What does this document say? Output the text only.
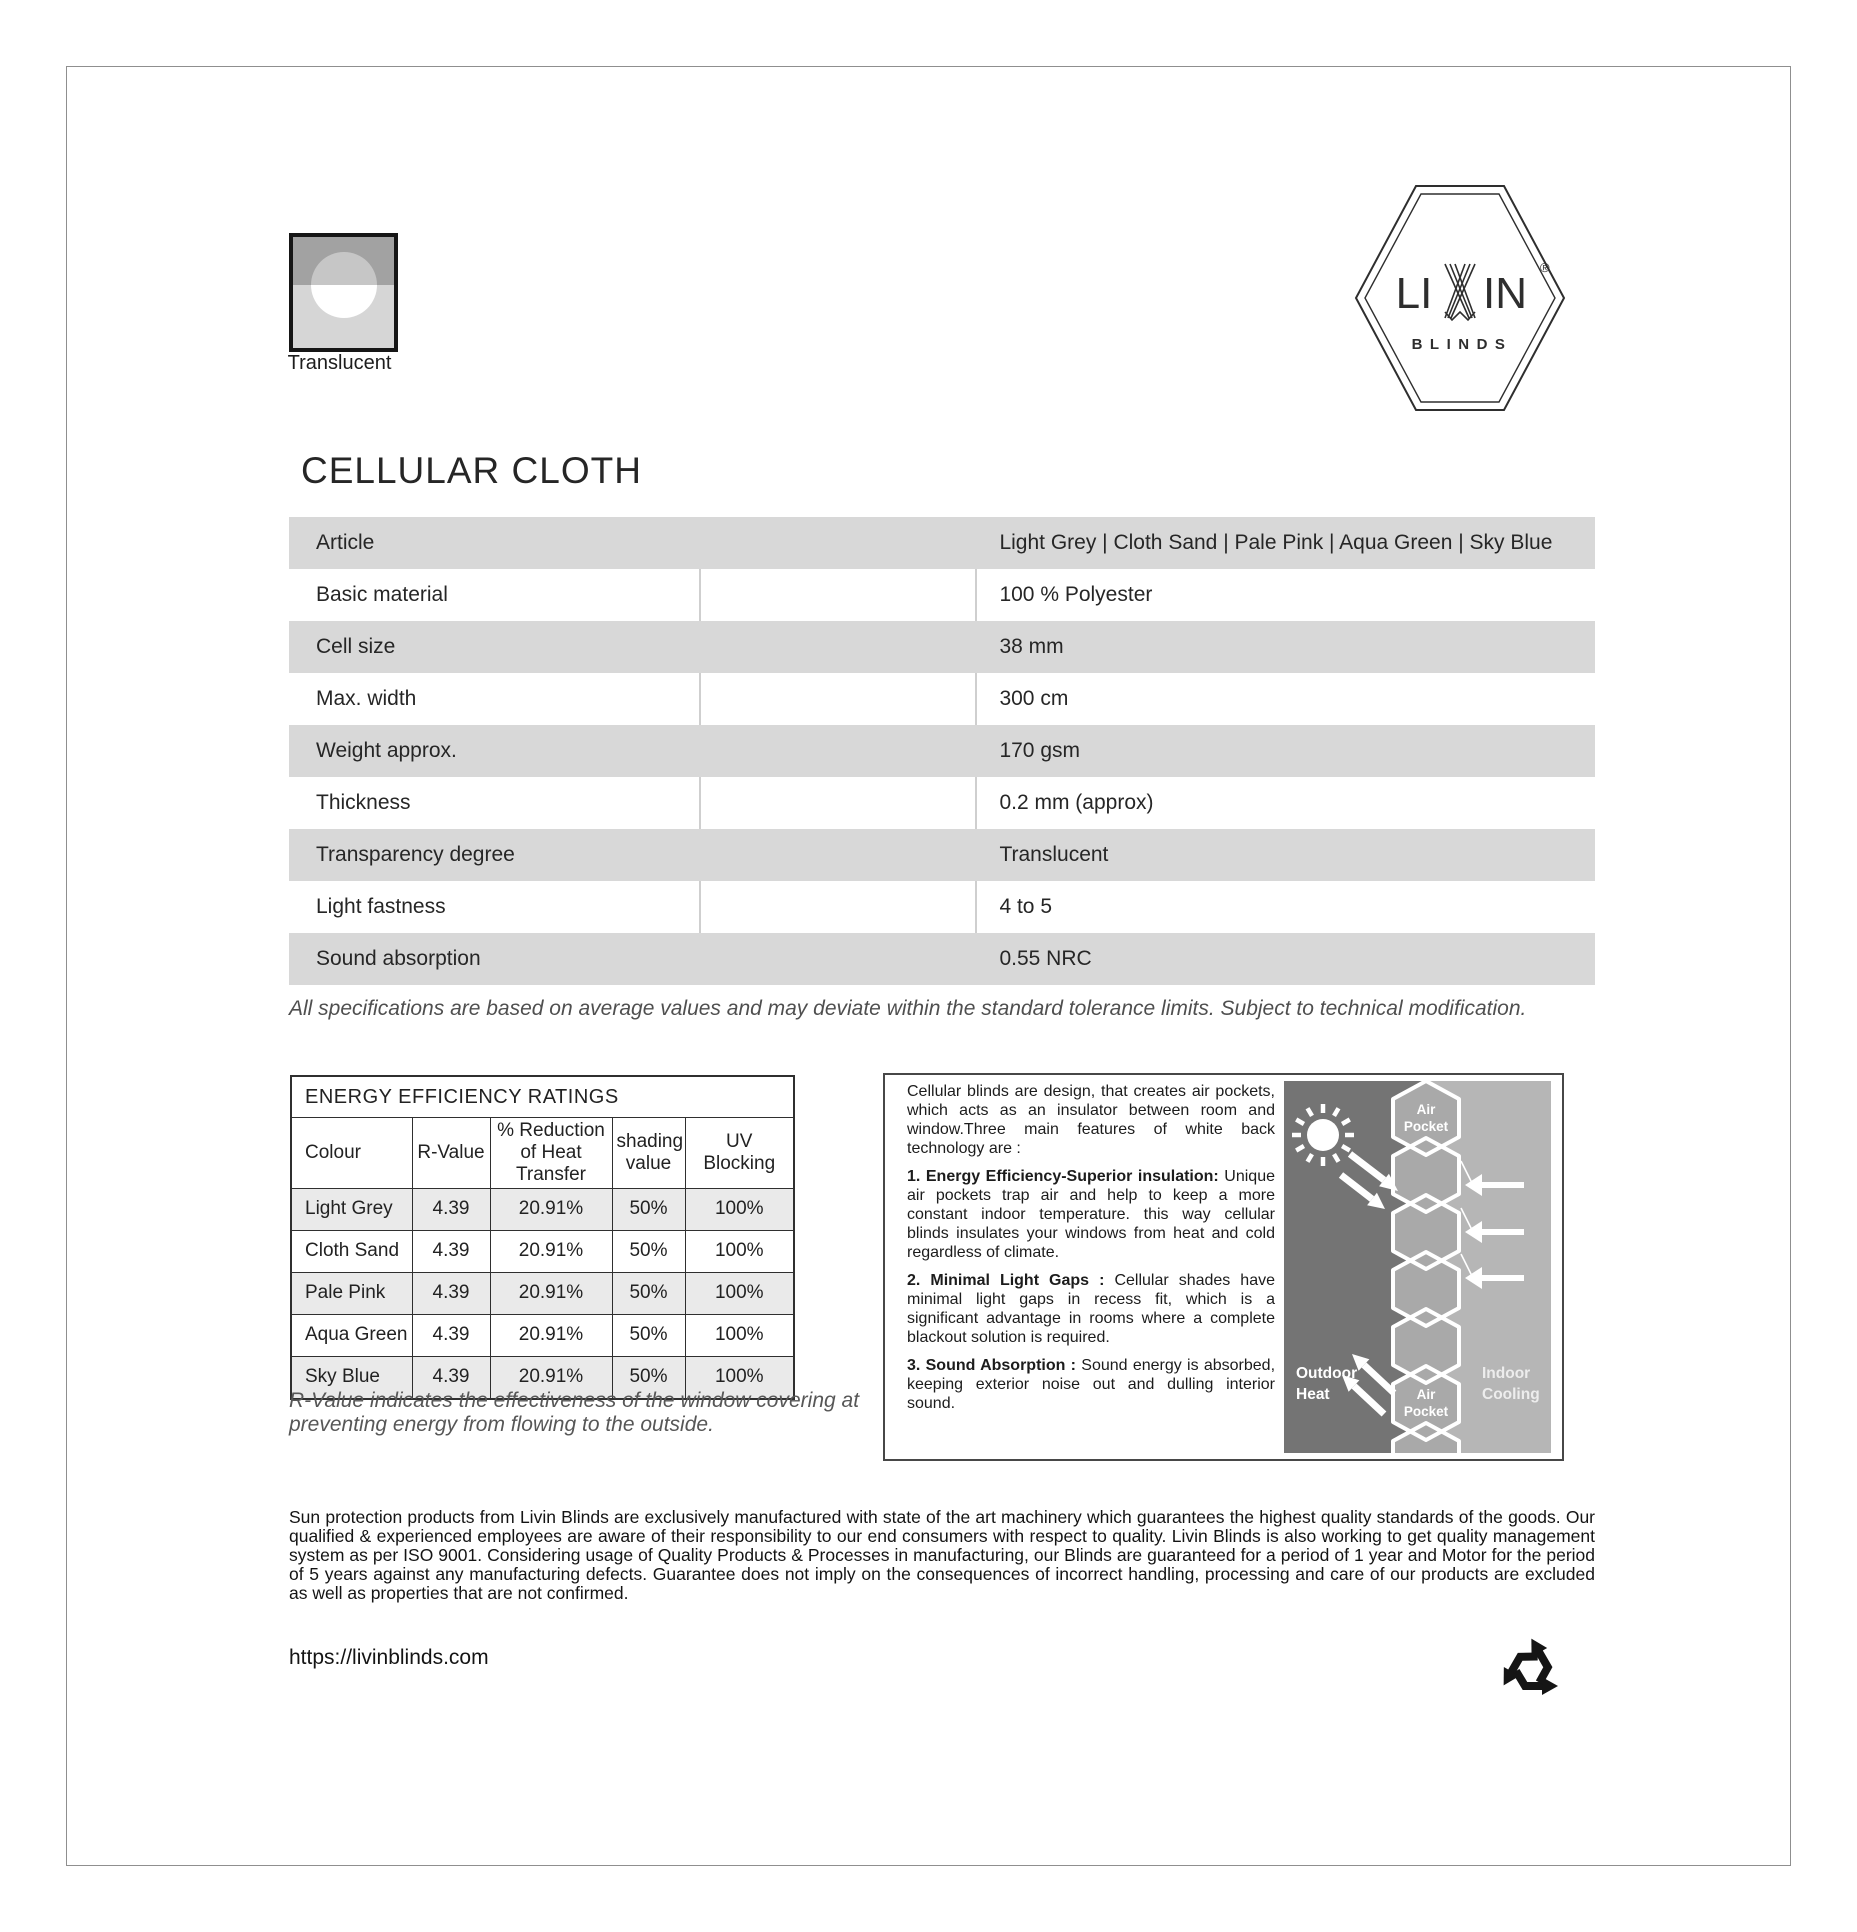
Translucent
LI IN
®
BLINDS
CELLULAR CLOTH
Article	Light Grey | Cloth Sand | Pale Pink | Aqua Green | Sky Blue
Basic material	100 % Polyester
Cell size	38 mm
Max. width	300 cm
Weight approx.	170 gsm
Thickness	0.2 mm (approx)
Transparency degree	Translucent
Light fastness	4 to 5
Sound absorption	0.55 NRC
All specifications are based on average values and may deviate within the standard tolerance limits. Subject to technical modification.
ENERGY EFFICIENCY RATINGS				
Colour	R-Value	% Reduction of Heat Transfer	shading value	UV Blocking
Light Grey	4.39	20.91%	50%	100%
Cloth Sand	4.39	20.91%	50%	100%
Pale Pink	4.39	20.91%	50%	100%
Aqua Green	4.39	20.91%	50%	100%
Sky Blue	4.39	20.91%	50%	100%
R-Value indicates the effectiveness of the window covering at preventing energy from flowing to the outside.

Cellular blinds are design, that creates air pockets, which acts as an insulator between room and window.Three main features of white back technology are :

1. Energy Efficiency-Superior insulation: Unique air pockets trap air and help to keep a more constant indoor temperature. this way cellular blinds insulates your windows from heat and cold regardless of climate.

2. Minimal Light Gaps : Cellular shades have minimal light gaps in recess fit, which is a significant advantage in rooms where a complete blackout solution is required.

3. Sound Absorption : Sound energy is absorbed, keeping exterior noise out and dulling interior sound.

Air
Pocket
Air
Pocket
Outdoor
Heat
Indoor
Cooling
Sun protection products from Livin Blinds are exclusively manufactured with state of the art machinery which guarantees the highest quality standards of the goods. Our qualified & experienced employees are aware of their responsibility to our end consumers with respect to quality. Livin Blinds is also working to get quality management system as per ISO 9001. Considering usage of Quality Products & Processes in manufacturing, our Blinds are guaranteed for a period of 1 year and Motor for the period of 5 years against any manufacturing defects. Guarantee does not imply on the consequences of incorrect handling, processing and care of our products are excluded as well as properties that are not confirmed.
https://livinblinds.com
